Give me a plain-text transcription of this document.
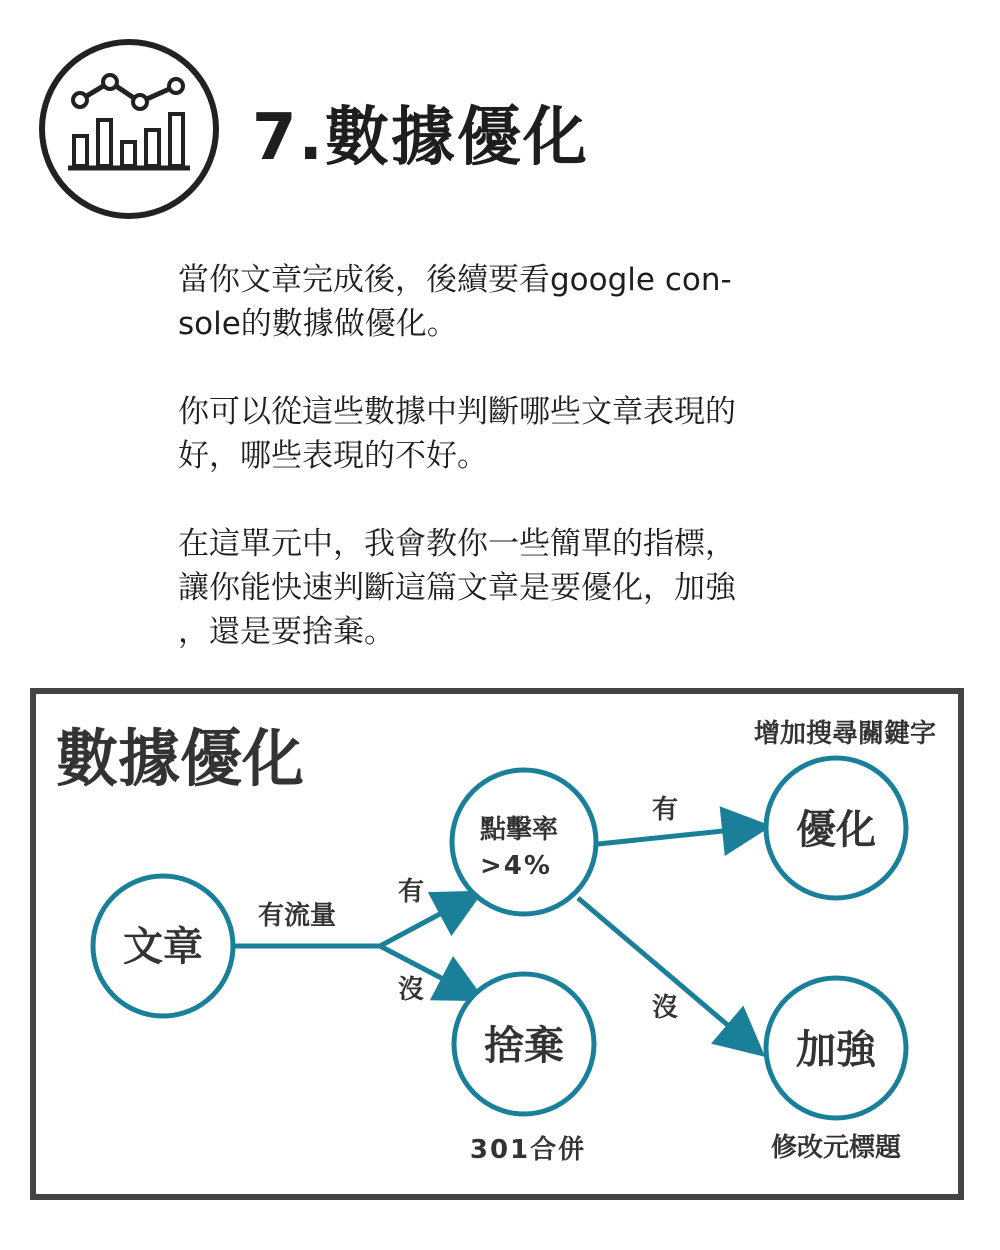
7.數據優化

當你文章完成後，後續要看google con-
sole的數據做優化。

你可以從這些數據中判斷哪些文章表現的
好，哪些表現的不好。

在這單元中，我會教你一些簡單的指標，
讓你能快速判斷這篇文章是要優化，加強
，還是要捨棄。

數據優化	增加搜尋關鍵字
有流量
有
沒
有
沒
文章
點擊率
>4%
優化
捨棄	加強
301合併	修改元標題
